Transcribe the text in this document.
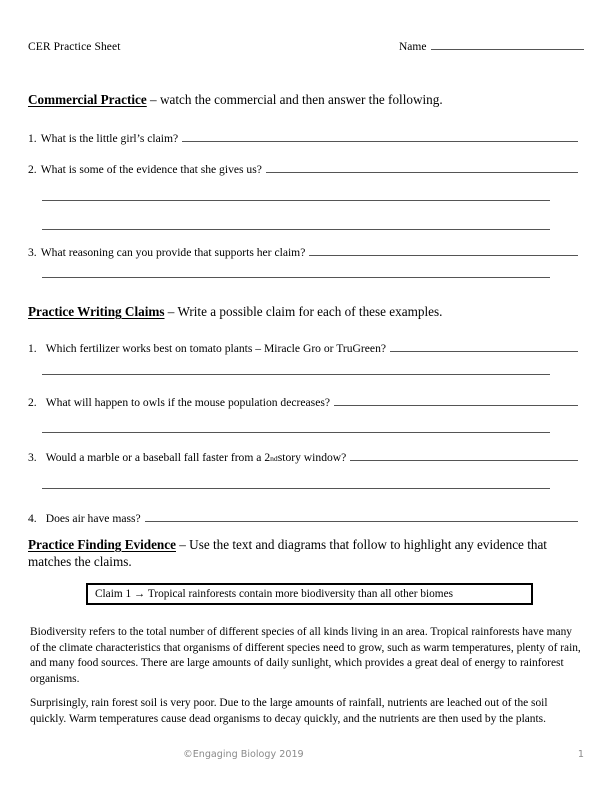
CER Practice Sheet	Name
Commercial Practice – watch the commercial and then answer the following.
1. What is the little girl’s claim?
2. What is some of the evidence that she gives us?
3. What reasoning can you provide that supports her claim?
Practice Writing Claims – Write a possible claim for each of these examples.
1. Which fertilizer works best on tomato plants – Miracle Gro or TruGreen?
2. What will happen to owls if the mouse population decreases?
3. Would a marble or a baseball fall faster from a 2 nd story window?
4. Does air have mass?
Practice Finding Evidence – Use the text and diagrams that follow to highlight any evidence that matches the claims.
Claim 1 → Tropical rainforests contain more biodiversity than all other biomes
Biodiversity refers to the total number of different species of all kinds living in an area. Tropical rainforests have many of the climate characteristics that organisms of different species need to grow, such as warm temperatures, plenty of rain, and many food sources. There are large amounts of daily sunlight, which provides a great deal of energy to rainforest organisms.
Surprisingly, rain forest soil is very poor. Due to the large amounts of rainfall, nutrients are leached out of the soil quickly. Warm temperatures cause dead organisms to decay quickly, and the nutrients are then used by the plants.
©Engaging Biology 2019	1
